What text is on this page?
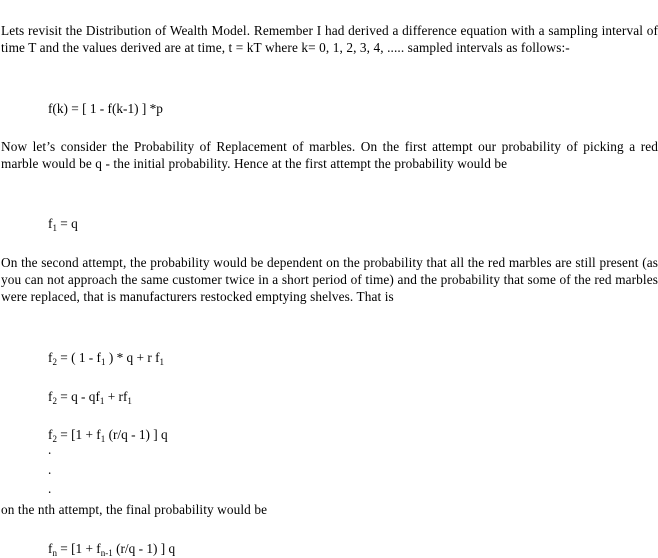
Lets revisit the Distribution of Wealth Model. Remember I had derived a difference equation with a sampling interval of time T and the values derived are at time, t = kT where k= 0, 1, 2, 3, 4, ..... sampled intervals as follows:-

f(k) = [ 1 - f(k-1) ] *p

Now let’s consider the Probability of Replacement of marbles. On the first attempt our probability of picking a red marble would be q - the initial probability. Hence at the first attempt the probability would be

$f_1 = q$

On the second attempt, the probability would be dependent on the probability that all the red marbles are still present (as you can not approach the same customer twice in a short period of time) and the probability that some of the red marbles were replaced, that is manufacturers restocked emptying shelves. That is

$f_2$ = ( $1 - f_1$ ) * q + r $f_1$

$f_2 = q - qf_1 + rf_1$

$f_2 = [1 + f_1$ (r/q - 1) ] q

.

.

.

on the nth attempt, the final probability would be

$f_n = [1 + f_{n-1}$ (r/q - 1) ] q
